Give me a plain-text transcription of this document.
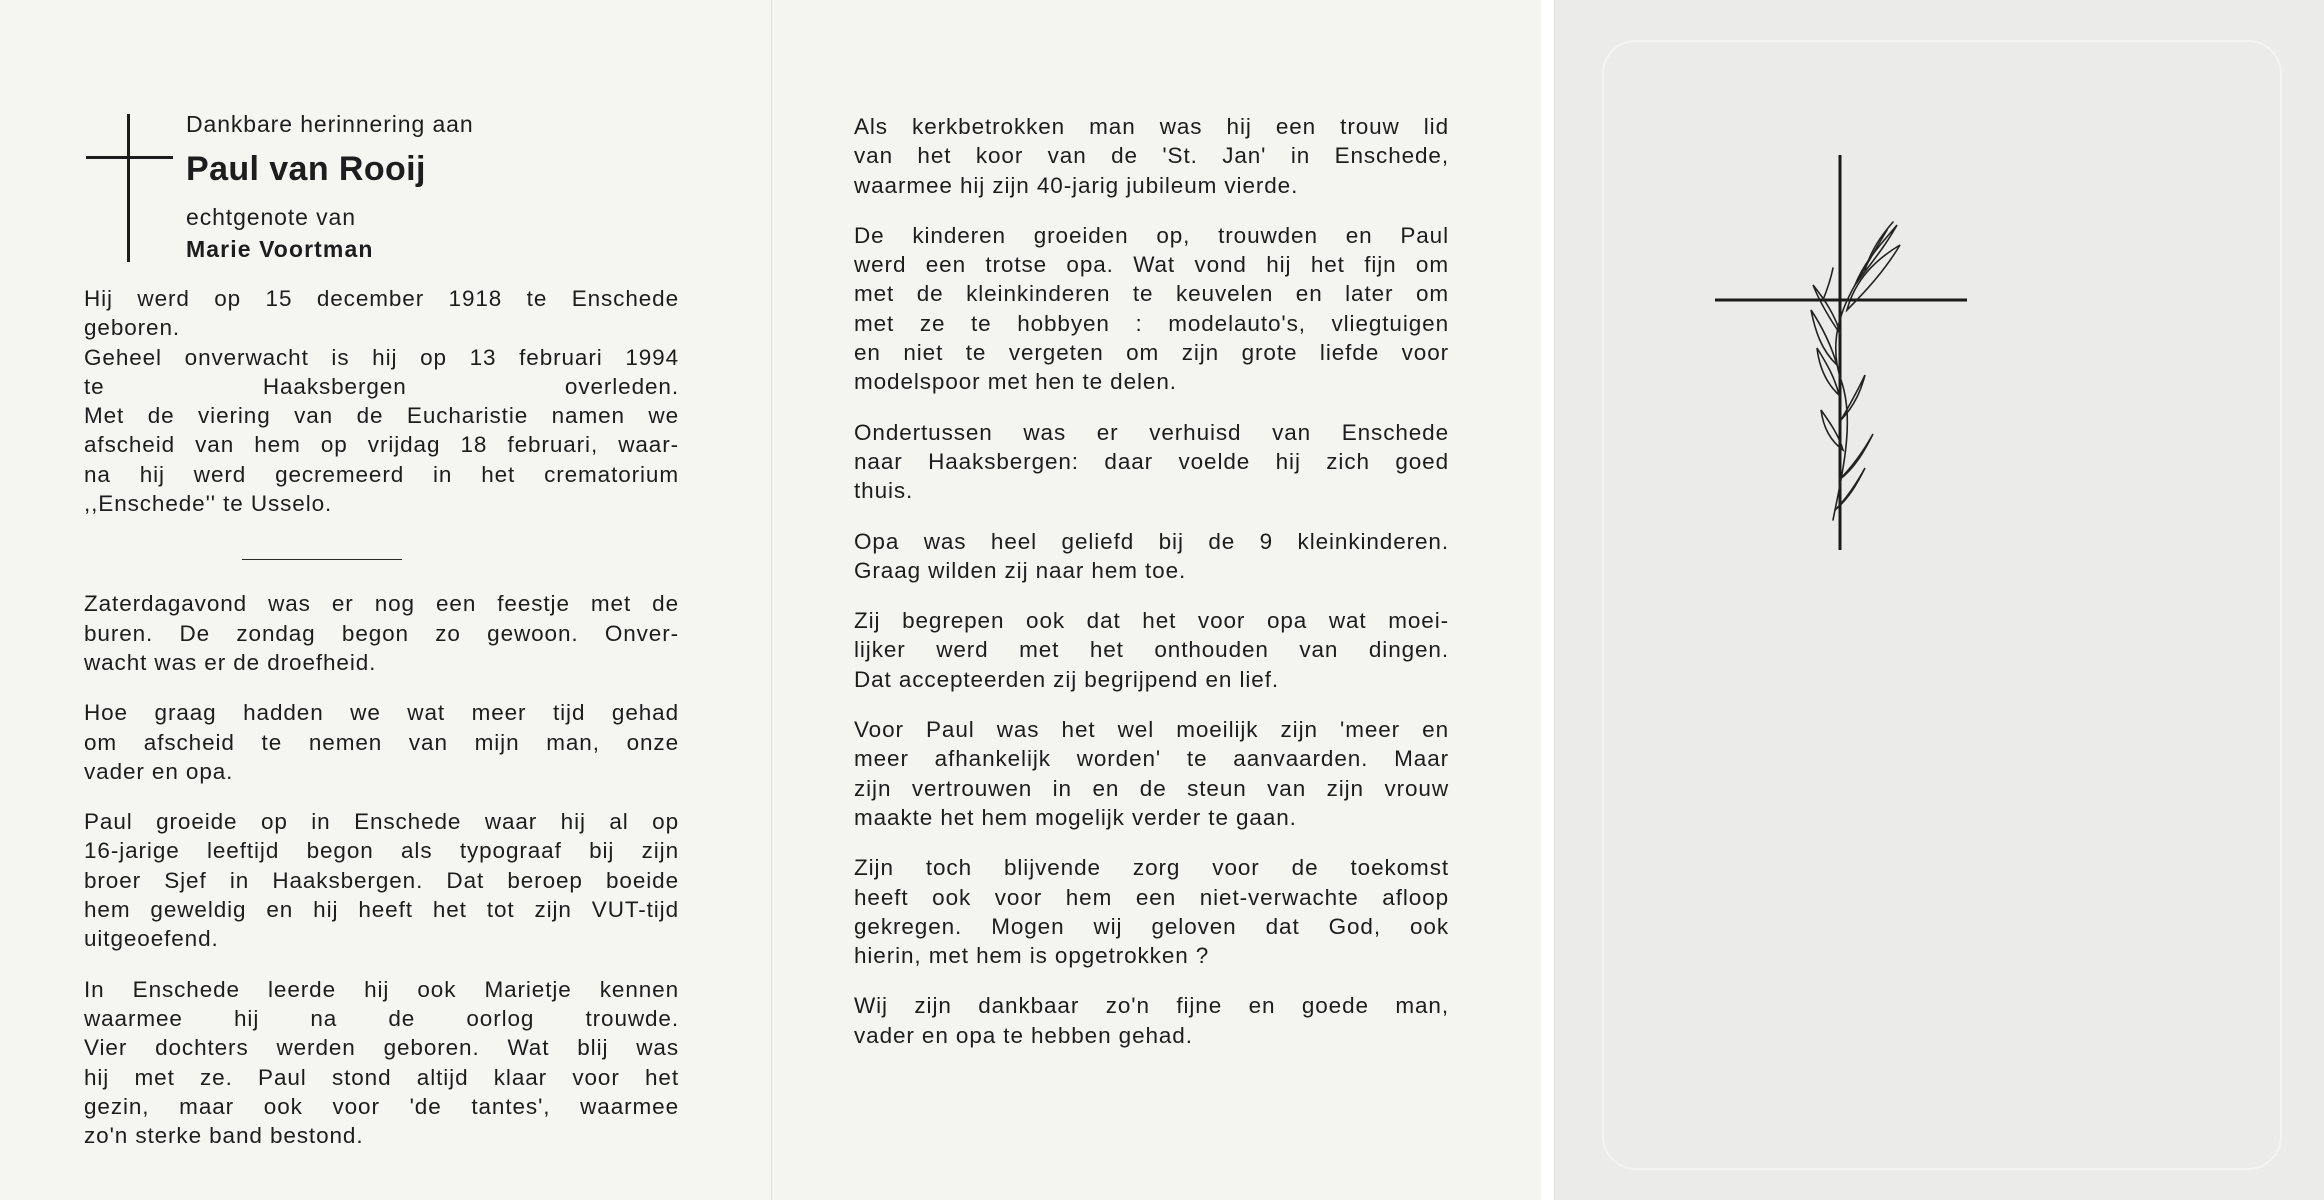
Dankbare herinnering aan
Paul van Rooij
echtgenote van
Marie Voortman
Hij werd op 15 december 1918 te Enschede
geboren.
Geheel onverwacht is hij op 13 februari 1994
te Haaksbergen overleden.
Met de viering van de Eucharistie namen we
afscheid van hem op vrijdag 18 februari, waar-
na hij werd gecremeerd in het crematorium
,,Enschede'' te Usselo.
Zaterdagavond was er nog een feestje met de
buren. De zondag begon zo gewoon. Onver-
wacht was er de droefheid.
Hoe graag hadden we wat meer tijd gehad
om afscheid te nemen van mijn man, onze
vader en opa.
Paul groeide op in Enschede waar hij al op
16-jarige leeftijd begon als typograaf bij zijn
broer Sjef in Haaksbergen. Dat beroep boeide
hem geweldig en hij heeft het tot zijn VUT-tijd
uitgeoefend.
In Enschede leerde hij ook Marietje kennen
waarmee hij na de oorlog trouwde.
Vier dochters werden geboren. Wat blij was
hij met ze. Paul stond altijd klaar voor het
gezin, maar ook voor 'de tantes', waarmee
zo'n sterke band bestond.
Als kerkbetrokken man was hij een trouw lid
van het koor van de 'St. Jan' in Enschede,
waarmee hij zijn 40-jarig jubileum vierde.
De kinderen groeiden op, trouwden en Paul
werd een trotse opa. Wat vond hij het fijn om
met de kleinkinderen te keuvelen en later om
met ze te hobbyen : modelauto's, vliegtuigen
en niet te vergeten om zijn grote liefde voor
modelspoor met hen te delen.
Ondertussen was er verhuisd van Enschede
naar Haaksbergen: daar voelde hij zich goed
thuis.
Opa was heel geliefd bij de 9 kleinkinderen.
Graag wilden zij naar hem toe.
Zij begrepen ook dat het voor opa wat moei-
lijker werd met het onthouden van dingen.
Dat accepteerden zij begrijpend en lief.
Voor Paul was het wel moeilijk zijn 'meer en
meer afhankelijk worden' te aanvaarden. Maar
zijn vertrouwen in en de steun van zijn vrouw
maakte het hem mogelijk verder te gaan.
Zijn toch blijvende zorg voor de toekomst
heeft ook voor hem een niet-verwachte afloop
gekregen. Mogen wij geloven dat God, ook
hierin, met hem is opgetrokken ?
Wij zijn dankbaar zo'n fijne en goede man,
vader en opa te hebben gehad.
